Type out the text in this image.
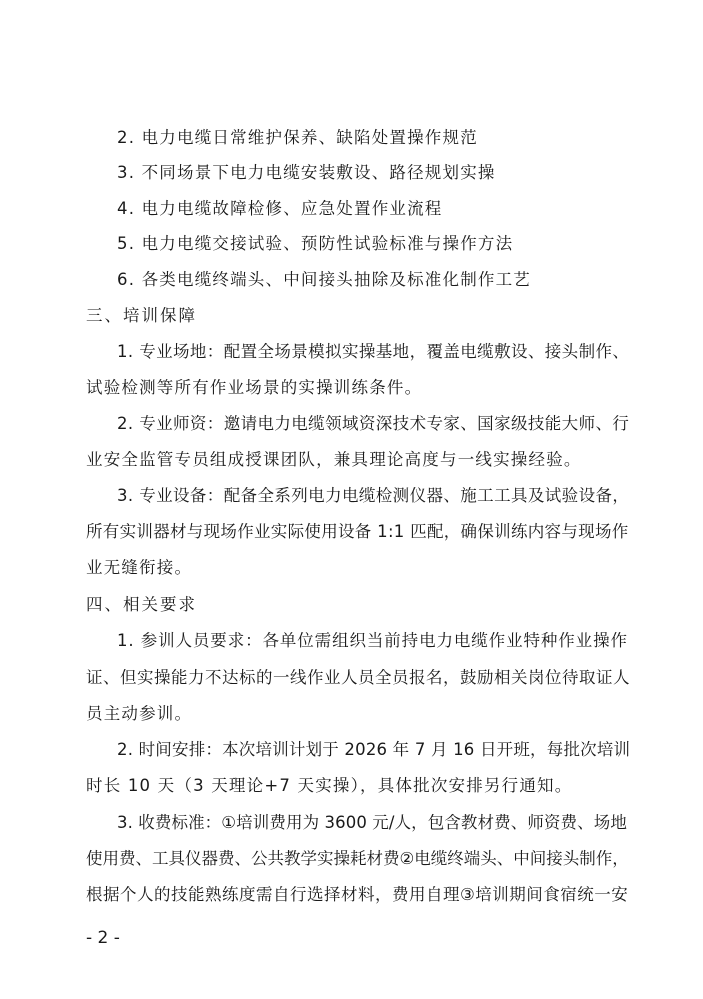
2. 电力电缆日常维护保养、缺陷处置操作规范
3. 不同场景下电力电缆安装敷设、路径规划实操
4. 电力电缆故障检修、应急处置作业流程
5. 电力电缆交接试验、预防性试验标准与操作方法
6. 各类电缆终端头、中间接头抽除及标准化制作工艺
三、培训保障
1. 专业场地：配置全场景模拟实操基地，覆盖电缆敷设、接头制作、
试验检测等所有作业场景的实操训练条件。
2. 专业师资：邀请电力电缆领域资深技术专家、国家级技能大师、行
业安全监管专员组成授课团队，兼具理论高度与一线实操经验。
3. 专业设备：配备全系列电力电缆检测仪器、施工工具及试验设备，
所有实训器材与现场作业实际使用设备 1:1 匹配，确保训练内容与现场作
业无缝衔接。
四、相关要求
1. 参训人员要求：各单位需组织当前持电力电缆作业特种作业操作
证、但实操能力不达标的一线作业人员全员报名，鼓励相关岗位待取证人
员主动参训。
2. 时间安排：本次培训计划于 2026 年 7 月 16 日开班，每批次培训
时长 10 天（3 天理论+7 天实操），具体批次安排另行通知。
3. 收费标准：①培训费用为 3600 元/人，包含教材费、师资费、场地
使用费、工具仪器费、公共教学实操耗材费②电缆终端头、中间接头制作，
根据个人的技能熟练度需自行选择材料，费用自理③培训期间食宿统一安
- 2 -
